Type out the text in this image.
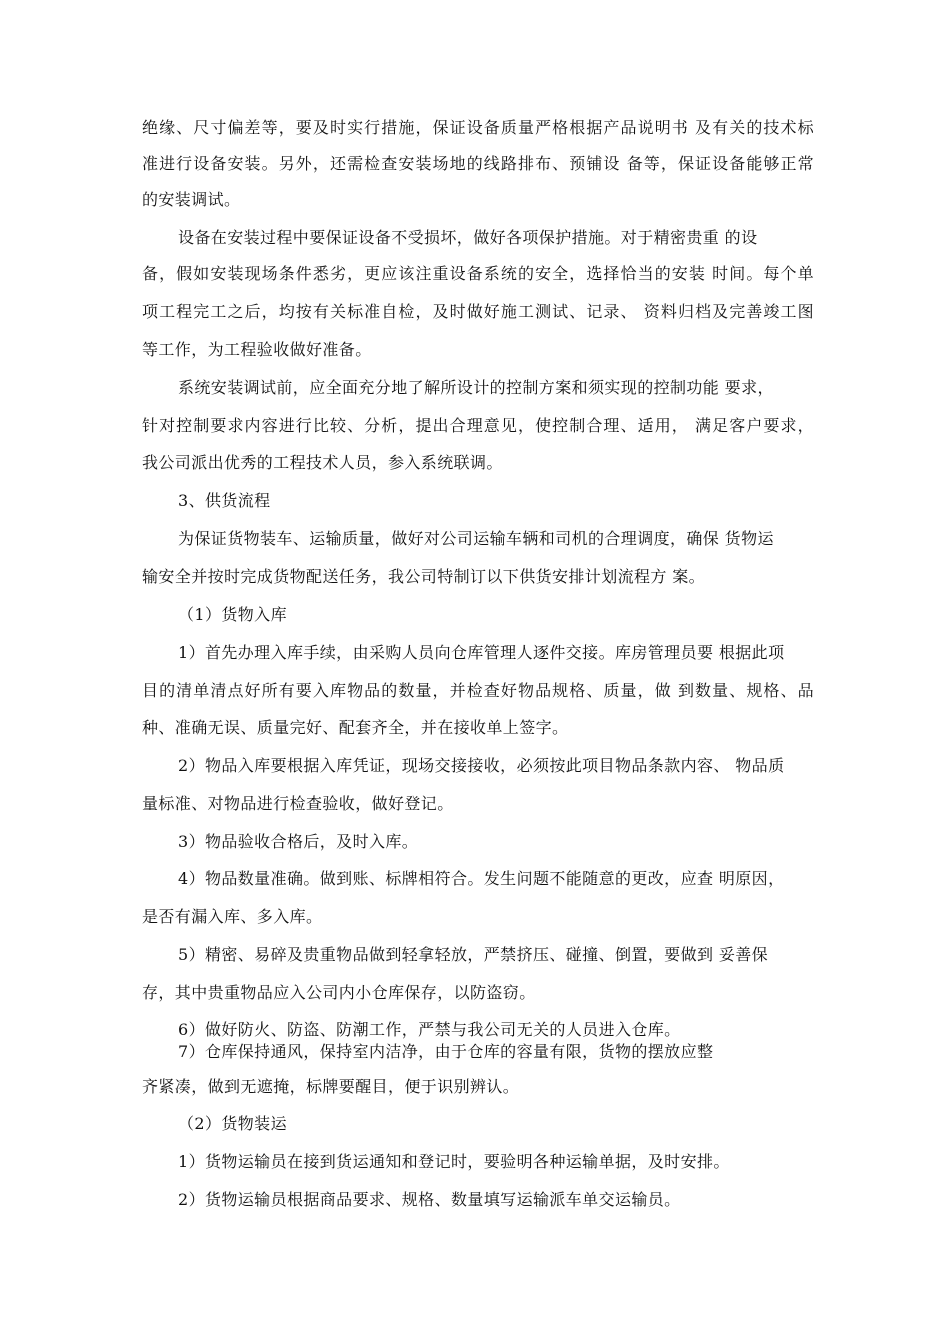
绝缘、尺寸偏差等，要及时实行措施，保证设备质量严格根据产品说明书 及有关的技术标
准进行设备安装。另外，还需检查安装场地的线路排布、预铺设 备等，保证设备能够正常
的安装调试。
设备在安装过程中要保证设备不受损坏，做好各项保护措施。对于精密贵重 的设
备，假如安装现场条件悉劣，更应该注重设备系统的安全，选择恰当的安装 时间。每个单
项工程完工之后，均按有关标准自检，及时做好施工测试、记录、 资料归档及完善竣工图
等工作，为工程验收做好准备。
系统安装调试前，应全面充分地了解所设计的控制方案和须实现的控制功能 要求，
针对控制要求内容进行比较、分析，提出合理意见，使控制合理、适用， 满足客户要求，
我公司派出优秀的工程技术人员，参入系统联调。
3、供货流程
为保证货物装车、运输质量，做好对公司运输车辆和司机的合理调度，确保 货物运
输安全并按时完成货物配送任务，我公司特制订以下供货安排计划流程方 案。
（1）货物入库
1）首先办理入库手续，由采购人员向仓库管理人逐件交接。库房管理员要 根据此项
目的清单清点好所有要入库物品的数量，并检查好物品规格、质量，做 到数量、规格、品
种、准确无误、质量完好、配套齐全，并在接收单上签字。
2）物品入库要根据入库凭证，现场交接接收，必须按此项目物品条款内容、 物品质
量标准、对物品进行检查验收，做好登记。
3）物品验收合格后，及时入库。
4）物品数量准确。做到账、标牌相符合。发生问题不能随意的更改，应查 明原因，
是否有漏入库、多入库。
5）精密、易碎及贵重物品做到轻拿轻放，严禁挤压、碰撞、倒置，要做到 妥善保
存，其中贵重物品应入公司内小仓库保存，以防盗窃。
6）做好防火、防盗、防潮工作，严禁与我公司无关的人员进入仓库。
7）仓库保持通风，保持室内洁净，由于仓库的容量有限，货物的摆放应整
齐紧凑，做到无遮掩，标牌要醒目，便于识别辨认。
（2）货物装运
1）货物运输员在接到货运通知和登记时，要验明各种运输单据，及时安排。
2）货物运输员根据商品要求、规格、数量填写运输派车单交运输员。
